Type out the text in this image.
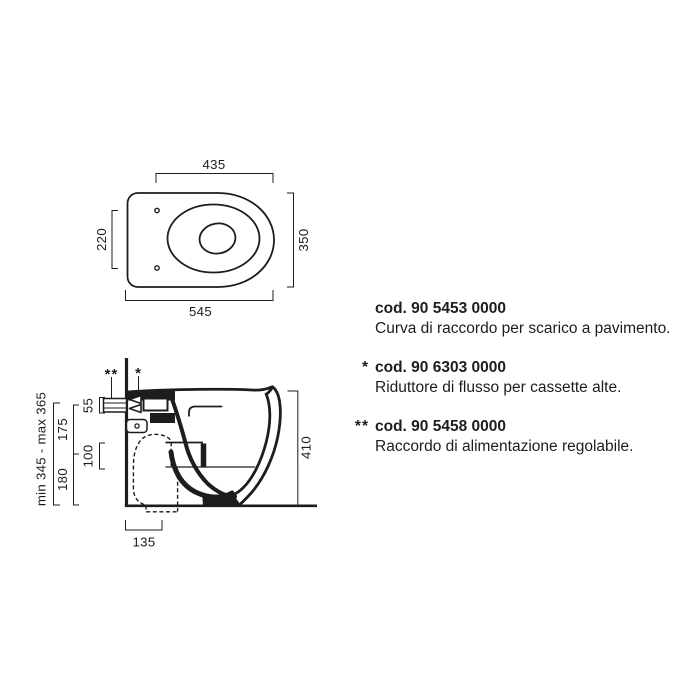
435
220	350
545
** *
min 345 - max 365 175
180
55
100	410
135
cod. 90 5453 0000
Curva di raccordo per scarico a pavimento.
* cod. 90 6303 0000
Riduttore di flusso per cassette alte.
** cod. 90 5458 0000
Raccordo di alimentazione regolabile.
